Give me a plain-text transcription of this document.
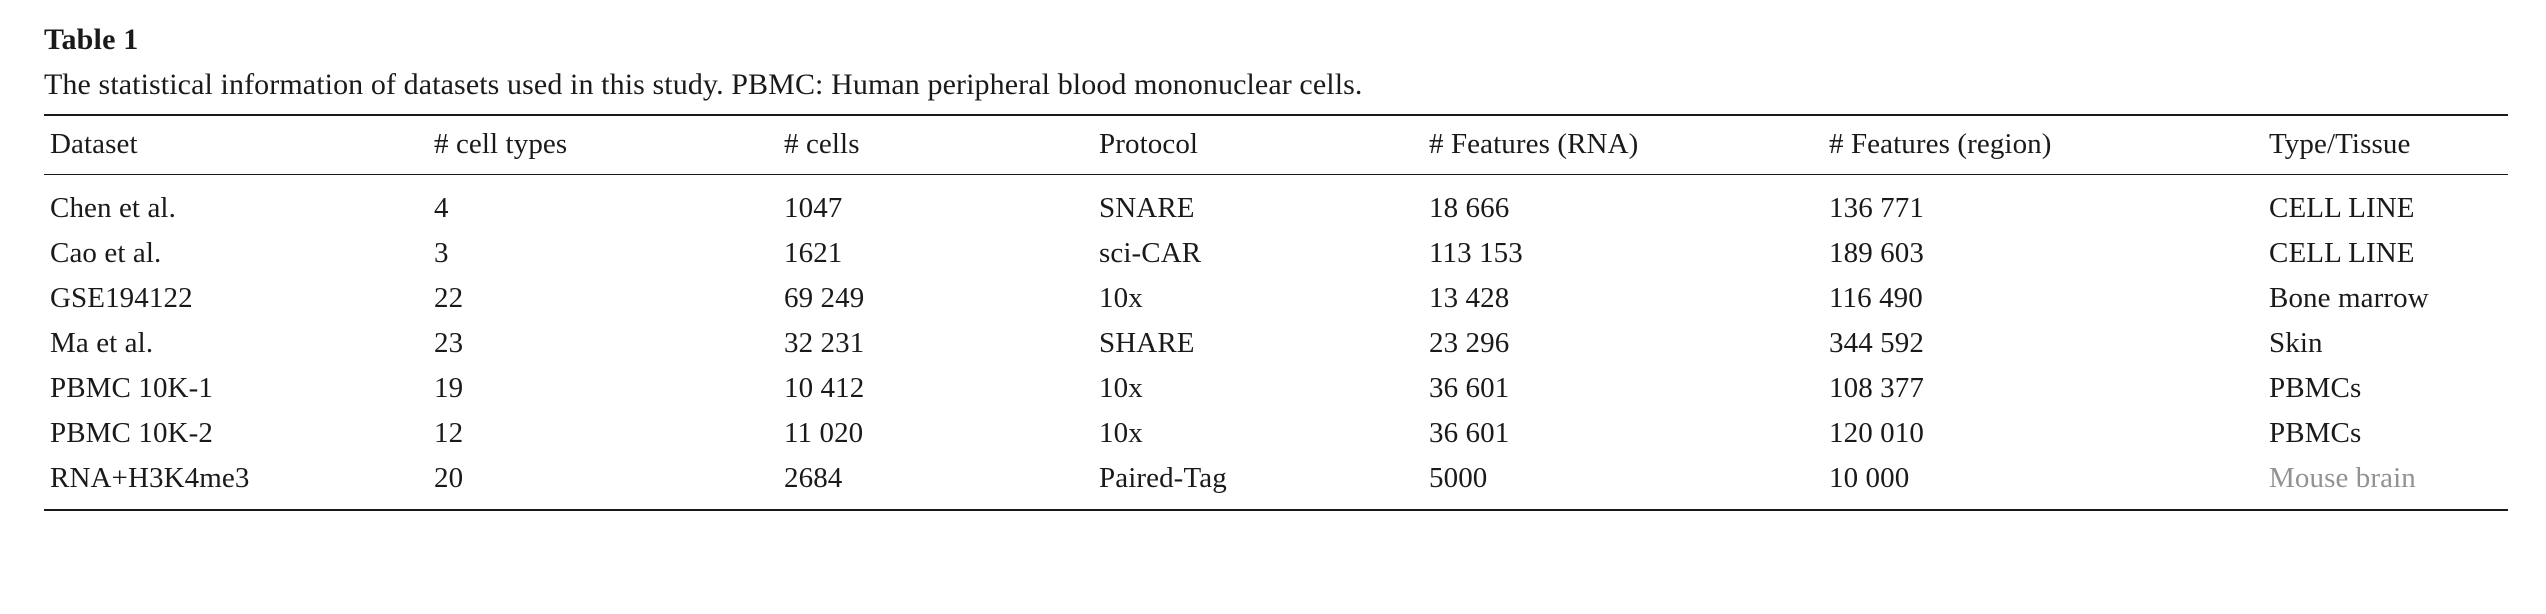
Table 1
The statistical information of datasets used in this study. PBMC: Human peripheral blood mononuclear cells.
Dataset	# cell types	# cells	Protocol	# Features (RNA)	# Features (region)	Type/Tissue
Chen et al.	4	1047	SNARE	18 666	136 771	CELL LINE
Cao et al.	3	1621	sci-CAR	113 153	189 603	CELL LINE
GSE194122	22	69 249	10x	13 428	116 490	Bone marrow
Ma et al.	23	32 231	SHARE	23 296	344 592	Skin
PBMC 10K-1	19	10 412	10x	36 601	108 377	PBMCs
PBMC 10K-2	12	11 020	10x	36 601	120 010	PBMCs
RNA+H3K4me3	20	2684	Paired-Tag	5000	10 000	Mouse brain
